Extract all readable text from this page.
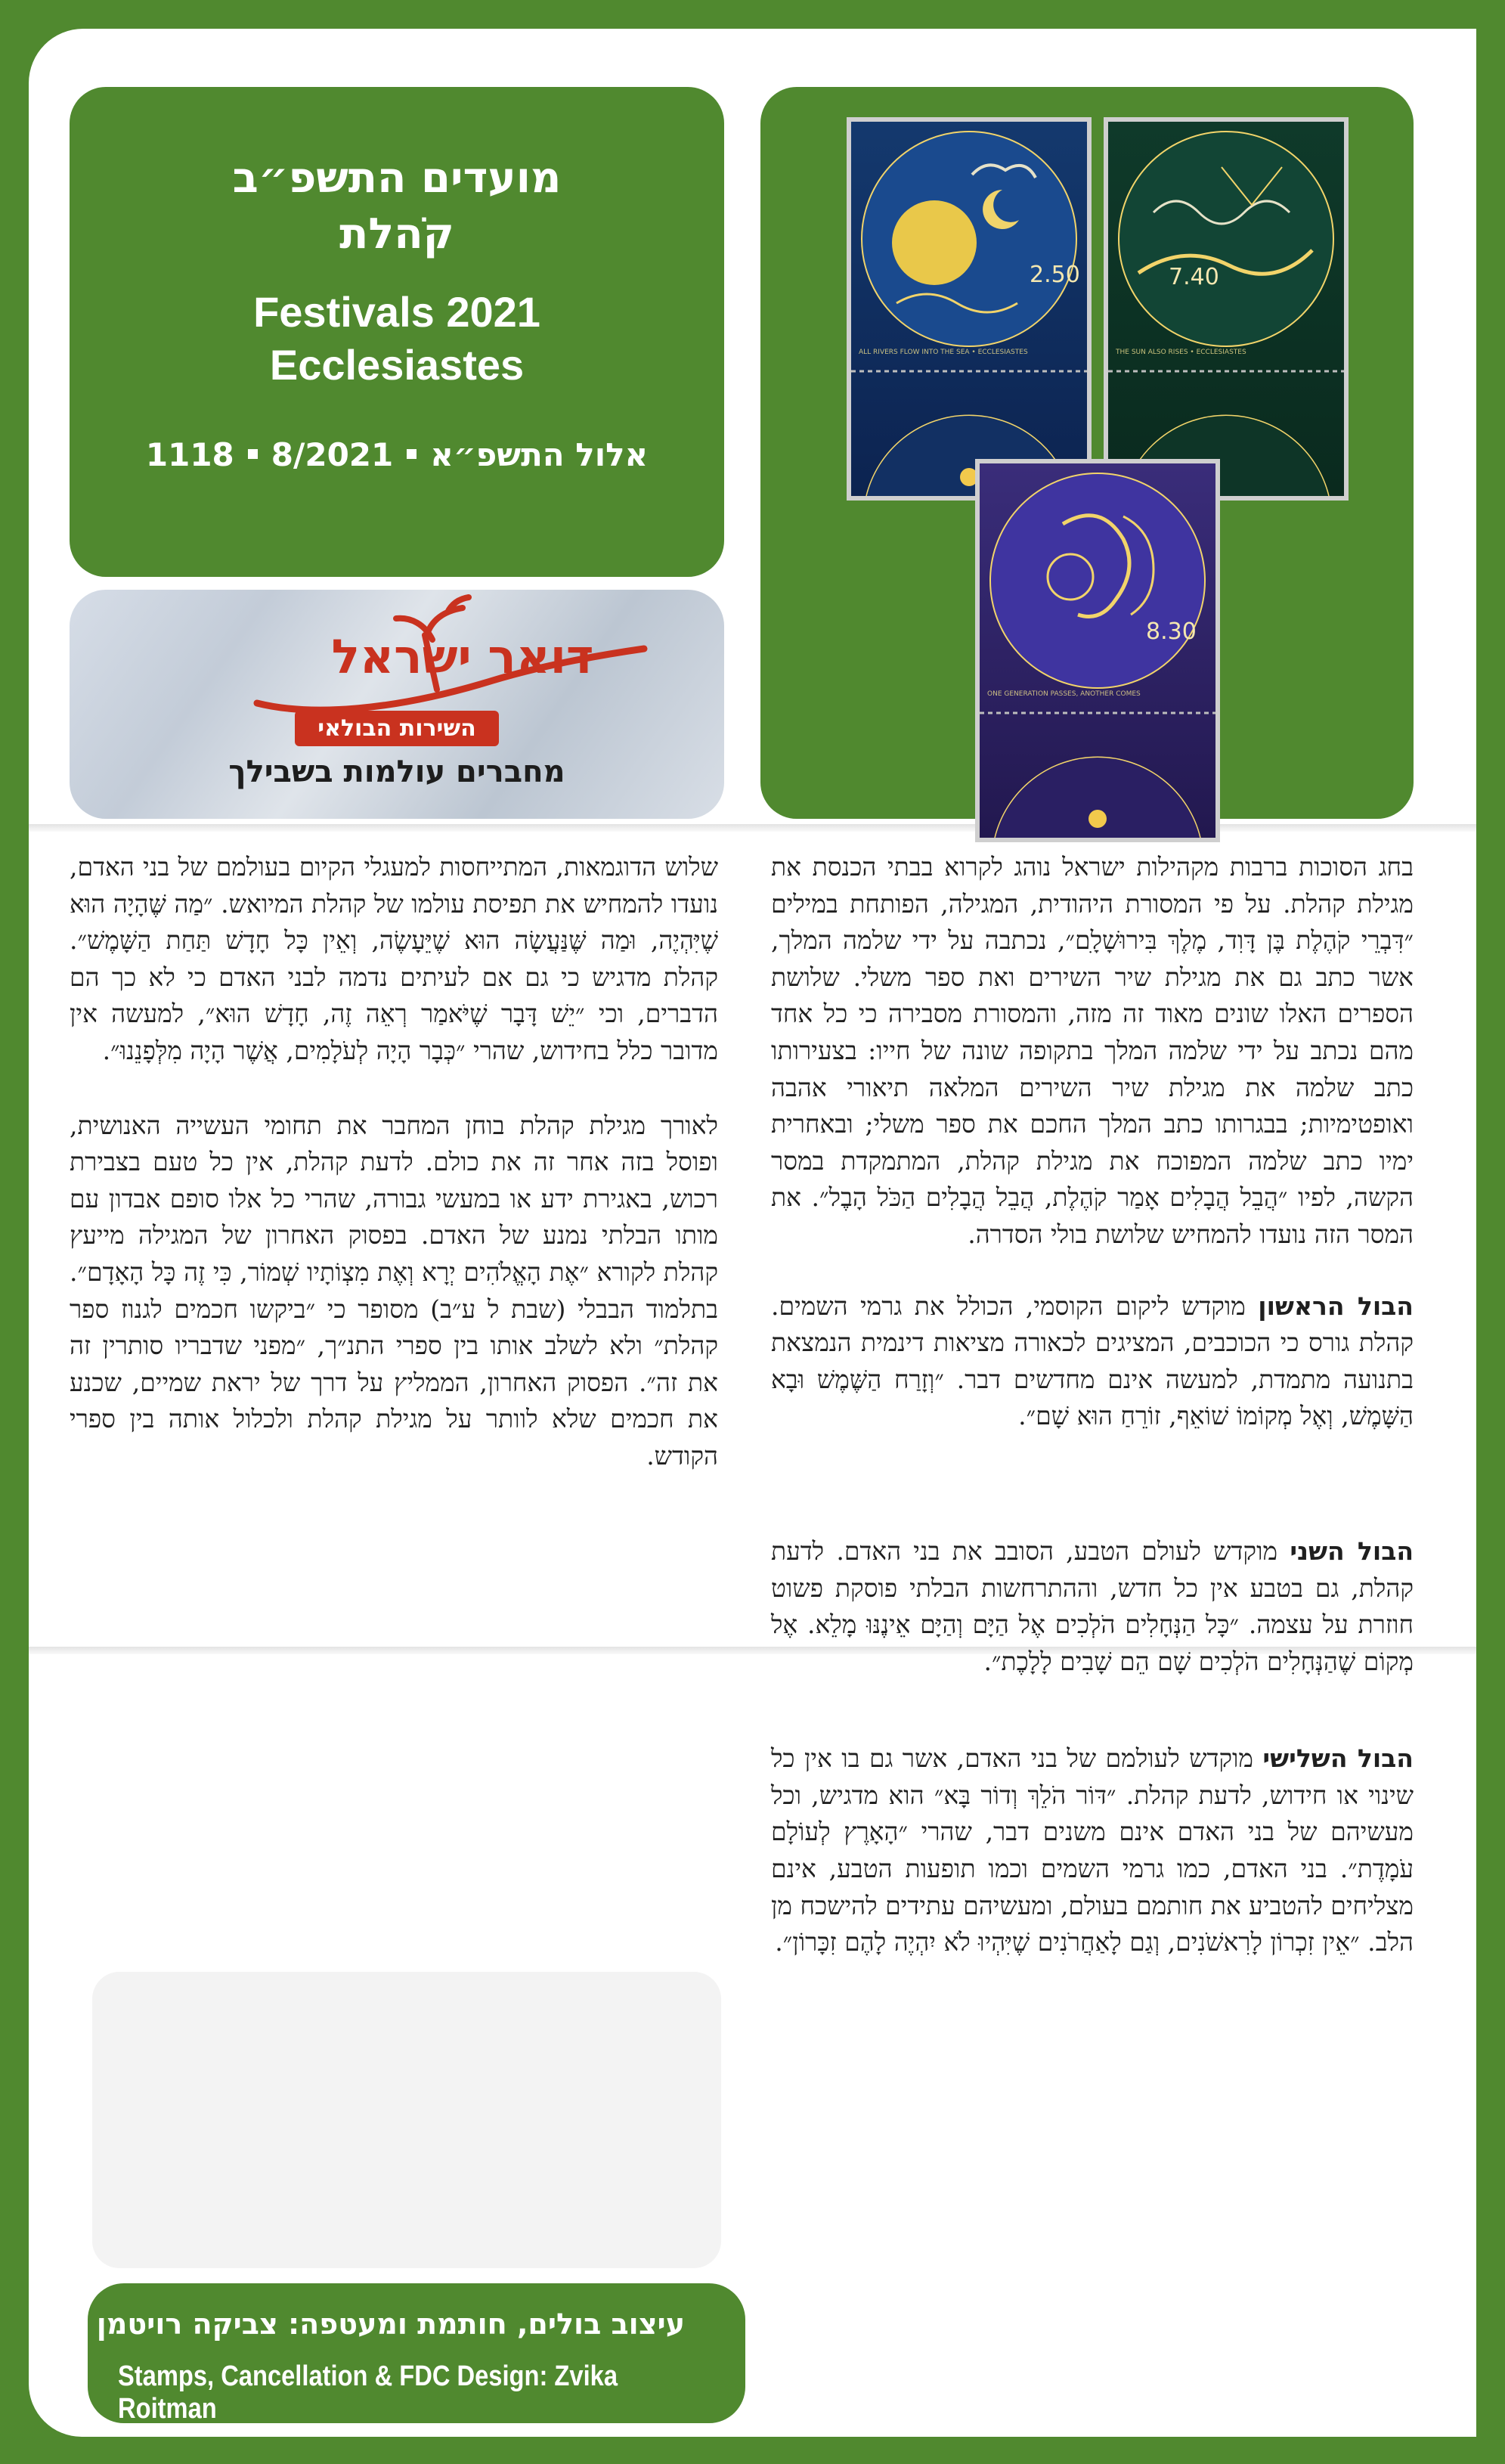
מועדים התשפ״ב
קֹהלת
Festivals 2021
Ecclesiastes
1118 8/2021 אלול התשפ״א
דואר ישראל
השירות הבולאי
מחברים עולמות בשבילך
2.50
ALL RIVERS FLOW INTO THE SEA • ECCLESIASTES
7.40
THE SUN ALSO RISES • ECCLESIASTES
8.30
ONE GENERATION PASSES, ANOTHER COMES

בחג הסוכות ברבות מקהילות ישראל נוהג לקרוא בבתי הכנסת את מגילת קהלת. על פי המסורת היהודית, המגילה, הפותחת במילים ״דִּבְרֵי קֹהֶלֶת בֶּן דָּוִד, מֶלֶךְ בִּירוּשָׁלָ‍ִם״, נכתבה על ידי שלמה המלך, אשר כתב גם את מגילת שיר השירים ואת ספר משלי. שלושת הספרים האלו שונים מאוד זה מזה, והמסורת מסבירה כי כל אחד מהם נכתב על ידי שלמה המלך בתקופה שונה של חייו: בצעירותו כתב שלמה את מגילת שיר השירים המלאה תיאורי אהבה ואופטימיות; בבגרותו כתב המלך החכם את ספר משלי; ובאחרית ימיו כתב שלמה המפוכח את מגילת קהלת, המתמקדת במסר הקשה, לפיו ״הֲבֵל הֲבָלִים אָמַר קֹהֶלֶת, הֲבֵל הֲבָלִים הַכֹּל הָבֶל״. את המסר הזה נועדו להמחיש שלושת בולי הסדרה.

הבול הראשון מוקדש ליקום הקוסמי, הכולל את גרמי השמים. קהלת גורס כי הכוכבים, המציגים לכאורה מציאות דינמית הנמצאת בתנועה מתמדת, למעשה אינם מחדשים דבר. ״וְזָרַח הַשֶּׁמֶשׁ וּבָא הַשָּׁמֶשׁ, וְאֶל מְקוֹמוֹ שׁוֹאֵף, זוֹרֵחַ הוּא שָׁם״.

הבול השני מוקדש לעולם הטבע, הסובב את בני האדם. לדעת קהלת, גם בטבע אין כל חדש, וההתרחשות הבלתי פוסקת פשוט חוזרת על עצמה. ״כָּל הַנְּחָלִים הֹלְכִים אֶל הַיָּם וְהַיָּם אֵינֶנּוּ מָלֵא. אֶל מְקוֹם שֶׁהַנְּחָלִים הֹלְכִים שָׁם הֵם שָׁבִים לָלָכֶת״.

הבול השלישי מוקדש לעולמם של בני האדם, אשר גם בו אין כל שינוי או חידוש, לדעת קהלת. ״דּוֹר הֹלֵךְ וְדוֹר בָּא״ הוא מדגיש, וכל מעשיהם של בני האדם אינם משנים דבר, שהרי ״הָאָרֶץ לְעוֹלָם עֹמָדֶת״. בני האדם, כמו גרמי השמים וכמו תופעות הטבע, אינם מצליחים להטביע את חותמם בעולם, ומעשיהם עתידים להישכח מן הלב. ״אֵין זִכְרוֹן לָרִאשֹׁנִים, וְגַם לָאַחֲרֹנִים שֶׁיִּהְיוּ לֹא יִהְיֶה לָהֶם זִכָּרוֹן״.

שלוש הדוגמאות, המתייחסות למעגלי הקיום בעולמם של בני האדם, נועדו להמחיש את תפיסת עולמו של קהלת המיואש. ״מַה שֶּׁהָיָה הוּא שֶׁיִּהְיֶה, וּמַה שֶּׁנַּעֲשָׂה הוּא שֶׁיֵּעָשֶׂה, וְאֵין כָּל חָדָשׁ תַּחַת הַשָּׁמֶשׁ״. קהלת מדגיש כי גם אם לעיתים נדמה לבני האדם כי לא כך הם הדברים, וכי ״יֵשׁ דָּבָר שֶׁיֹּאמַר רְאֵה זֶה, חָדָשׁ הוּא״, למעשה אין מדובר כלל בחידוש, שהרי ״כְּבָר הָיָה לְעֹלָמִים, אֲשֶׁר הָיָה מִלְּפָנֵנוּ״.

לאורך מגילת קהלת בוחן המחבר את תחומי העשייה האנושית, ופוסל בזה אחר זה את כולם. לדעת קהלת, אין כל טעם בצבירת רכוש, באגירת ידע או במעשי גבורה, שהרי כל אלו סופם אבדון עם מותו הבלתי נמנע של האדם. בפסוק האחרון של המגילה מייעץ קהלת לקורא ״אֶת הָאֱלֹהִים יְרָא וְאֶת מִצְוֹתָיו שְׁמוֹר, כִּי זֶה כָּל הָאָדָם״. בתלמוד הבבלי (שבת ל ע״ב) מסופר כי ״ביקשו חכמים לגנוז ספר קהלת״ ולא לשלב אותו בין ספרי התנ״ך, ״מפני שדבריו סותרין זה את זה״. הפסוק האחרון, הממליץ על דרך של יראת שמיים, שכנע את חכמים שלא לוותר על מגילת קהלת ולכלול אותה בין ספרי הקודש.

עיצוב בולים, חותמת ומעטפה: צביקה רויטמן
Stamps, Cancellation & FDC Design: Zvika Roitman
